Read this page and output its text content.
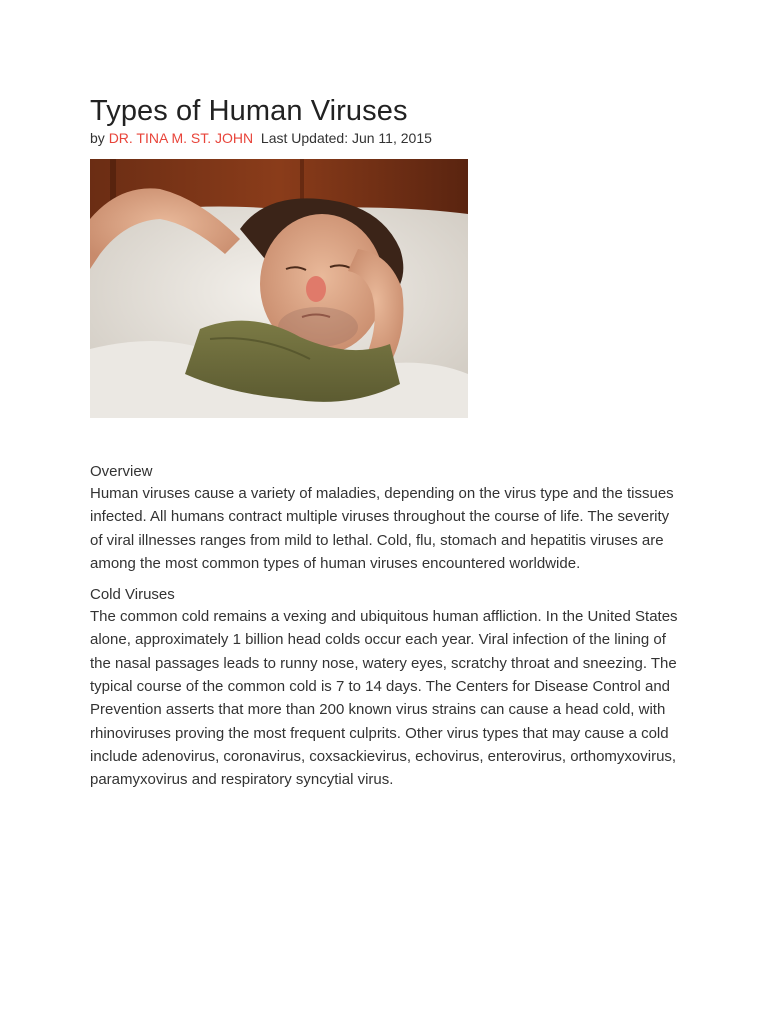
Types of Human Viruses
by DR. TINA M. ST. JOHN Last Updated: Jun 11, 2015
Overview

Human viruses cause a variety of maladies, depending on the virus type and the tissues infected. All humans contract multiple viruses throughout the course of life. The severity of viral illnesses ranges from mild to lethal. Cold, flu, stomach and hepatitis viruses are among the most common types of human viruses encountered worldwide.

Cold Viruses

The common cold remains a vexing and ubiquitous human affliction. In the United States alone, approximately 1 billion head colds occur each year. Viral infection of the lining of the nasal passages leads to runny nose, watery eyes, scratchy throat and sneezing. The typical course of the common cold is 7 to 14 days. The Centers for Disease Control and Prevention asserts that more than 200 known virus strains can cause a head cold, with rhinoviruses proving the most frequent culprits. Other virus types that may cause a cold include adenovirus, coronavirus, coxsackievirus, echovirus, enterovirus, orthomyxovirus, paramyxovirus and respiratory syncytial virus.
